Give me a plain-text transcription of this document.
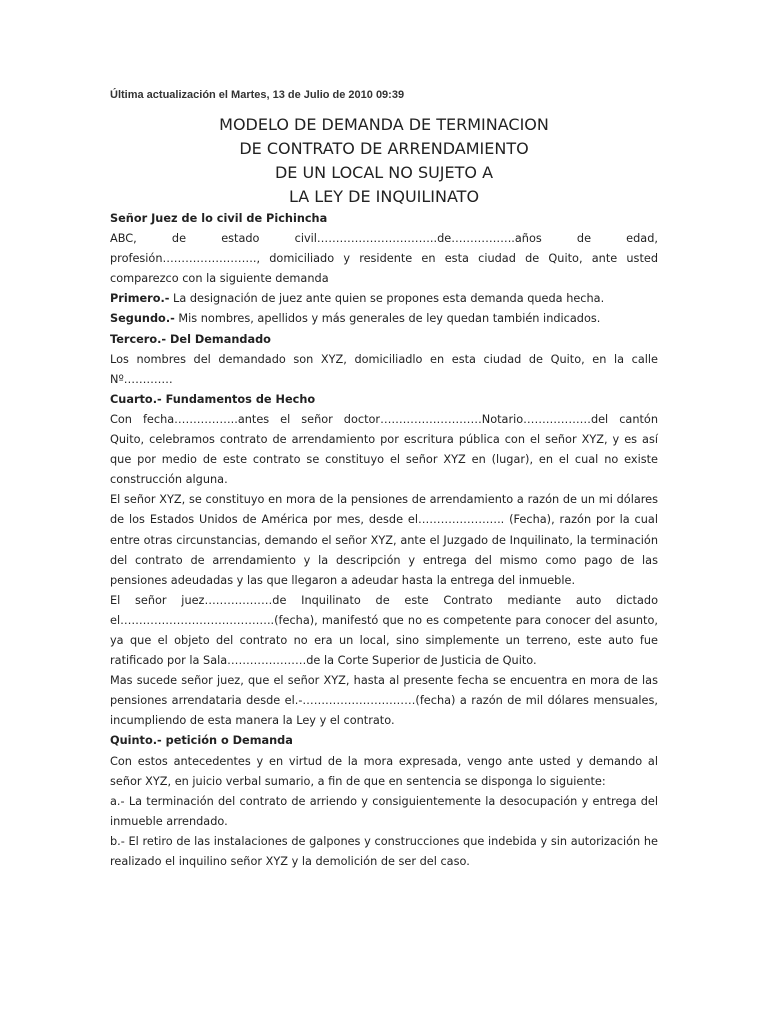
Última actualización el Martes, 13 de Julio de 2010 09:39
MODELO DE DEMANDA DE TERMINACION
DE CONTRATO DE ARRENDAMIENTO
DE UN LOCAL NO SUJETO A
LA LEY DE INQUILINATO

Señor Juez de lo civil de Pichincha

ABC, de estado civil…………………………..de……………..años de edad,

profesión……………………., domiciliado y residente en esta ciudad de Quito, ante usted comparezco con la siguiente demanda

Primero.- La designación de juez ante quien se propones esta demanda queda hecha.

Segundo.- Mis nombres, apellidos y más generales de ley quedan también indicados.

Tercero.- Del Demandado

Los nombres del demandado son XYZ, domiciliadlo en esta ciudad de Quito, en la calle Nº………….

Cuarto.- Fundamentos de Hecho

Con fecha……………..antes el señor doctor………………………Notario………………del cantón Quito, celebramos contrato de arrendamiento por escritura pública con el señor XYZ, y es así que por medio de este contrato se constituyo el señor XYZ en (lugar), en el cual no existe construcción alguna.

El señor XYZ, se constituyo en mora de la pensiones de arrendamiento a razón de un mi dólares de los Estados Unidos de América por mes, desde el………………….. (Fecha), razón por la cual entre otras circunstancias, demando el señor XYZ, ante el Juzgado de Inquilinato, la terminación del contrato de arrendamiento y la descripción y entrega del mismo como pago de las pensiones adeudadas y las que llegaron a adeudar hasta la entrega del inmueble.

El señor juez………………de Inquilinato de este Contrato mediante auto dictado el…………………………………..(fecha), manifestó que no es competente para conocer del asunto, ya que el objeto del contrato no era un local, sino simplemente un terreno, este auto fue ratificado por la Sala…………………de la Corte Superior de Justicia de Quito.

Mas sucede señor juez, que el señor XYZ, hasta al presente fecha se encuentra en mora de las pensiones arrendataria desde el.-…………………………(fecha) a razón de mil dólares mensuales, incumpliendo de esta manera la Ley y el contrato.

Quinto.- petición o Demanda

Con estos antecedentes y en virtud de la mora expresada, vengo ante usted y demando al señor XYZ, en juicio verbal sumario, a fin de que en sentencia se disponga lo siguiente:

a.- La terminación del contrato de arriendo y consiguientemente la desocupación y entrega del inmueble arrendado.

b.- El retiro de las instalaciones de galpones y construcciones que indebida y sin autorización he realizado el inquilino señor XYZ y la demolición de ser del caso.
